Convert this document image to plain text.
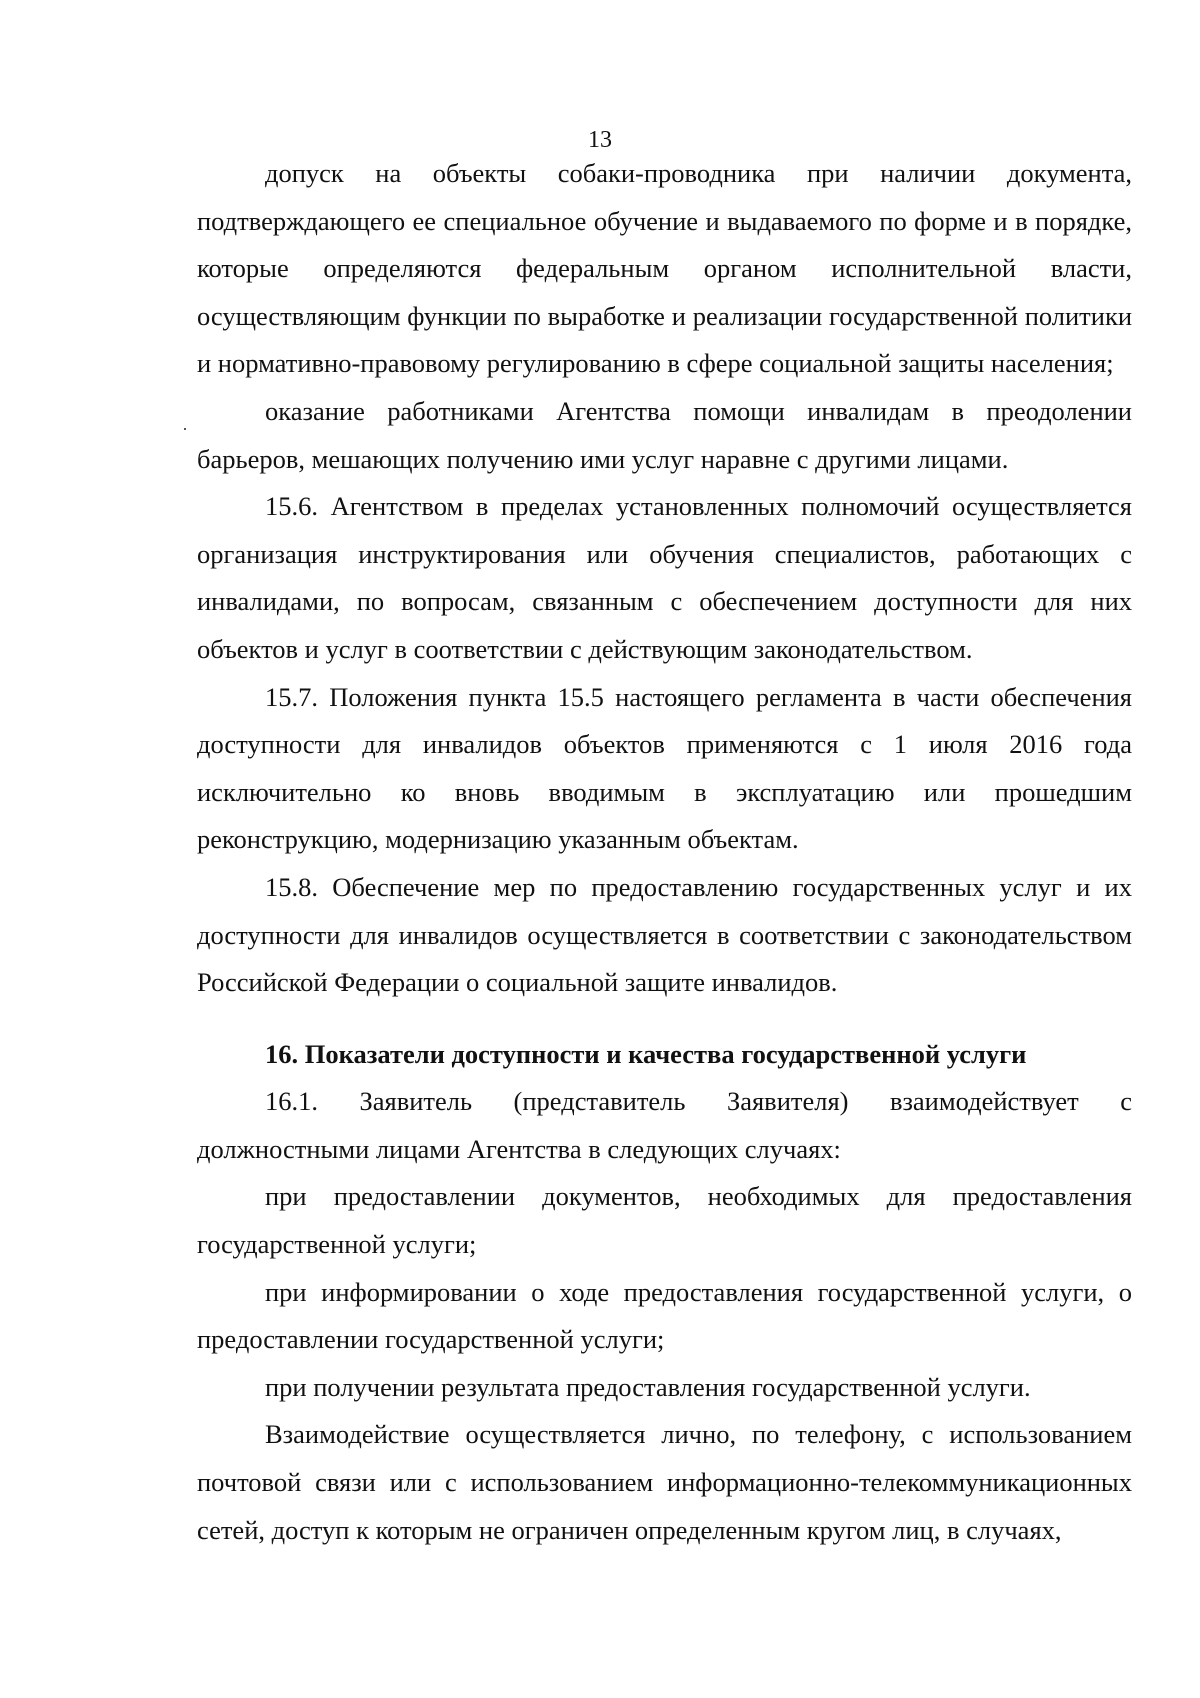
13

допуск на объекты собаки-проводника при наличии документа, подтверждающего ее специальное обучение и выдаваемого по форме и в порядке, которые определяются федеральным органом исполнительной власти, осуществляющим функции по выработке и реализации государственной политики и нормативно-правовому регулированию в сфере социальной защиты населения;

оказание работниками Агентства помощи инвалидам в преодолении барьеров, мешающих получению ими услуг наравне с другими лицами.

15.6. Агентством в пределах установленных полномочий осуществляется организация инструктирования или обучения специалистов, работающих с инвалидами, по вопросам, связанным с обеспечением доступности для них объектов и услуг в соответствии с действующим законодательством.

15.7. Положения пункта 15.5 настоящего регламента в части обеспечения доступности для инвалидов объектов применяются с 1 июля 2016 года исключительно ко вновь вводимым в эксплуатацию или прошедшим реконструкцию, модернизацию указанным объектам.

15.8. Обеспечение мер по предоставлению государственных услуг и их доступности для инвалидов осуществляется в соответствии с законодательством Российской Федерации о социальной защите инвалидов.

16. Показатели доступности и качества государственной услуги

16.1. Заявитель (представитель Заявителя) взаимодействует с должностными лицами Агентства в следующих случаях:

при предоставлении документов, необходимых для предоставления государственной услуги;

при информировании о ходе предоставления государственной услуги, о предоставлении государственной услуги;

при получении результата предоставления государственной услуги.

Взаимодействие осуществляется лично, по телефону, с использованием почтовой связи или с использованием информационно-телекоммуникационных сетей, доступ к которым не ограничен определенным кругом лиц, в случаях,
